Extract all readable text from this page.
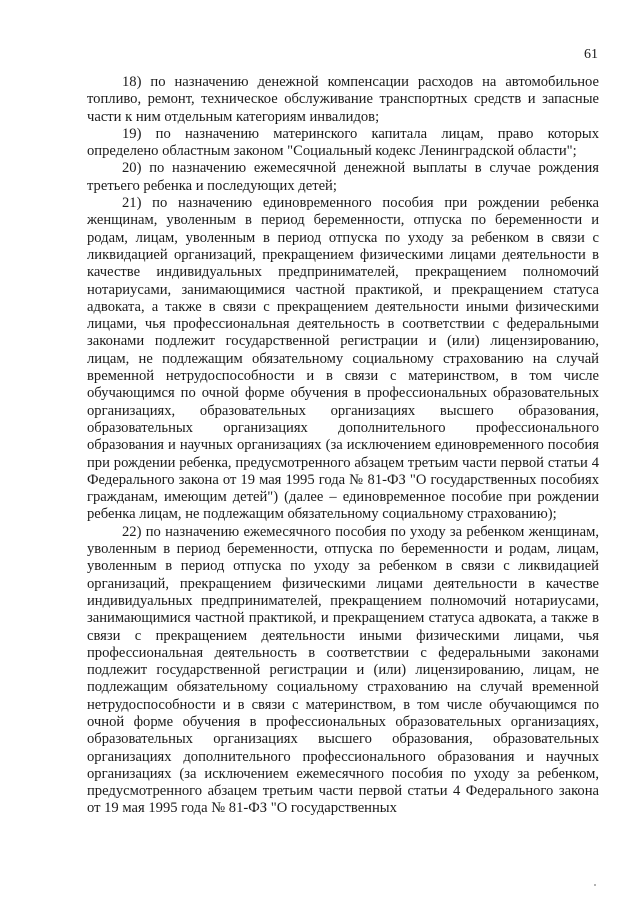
61

18) по назначению денежной компенсации расходов на автомобильное топливо, ремонт, техническое обслуживание транспортных средств и запасные части к ним отдельным категориям инвалидов;

19) по назначению материнского капитала лицам, право которых определено областным законом "Социальный кодекс Ленинградской области";

20) по назначению ежемесячной денежной выплаты в случае рождения третьего ребенка и последующих детей;

21) по назначению единовременного пособия при рождении ребенка женщинам, уволенным в период беременности, отпуска по беременности и родам, лицам, уволенным в период отпуска по уходу за ребенком в связи с ликвидацией организаций, прекращением физическими лицами деятельности в качестве индивидуальных предпринимателей, прекращением полномочий нотариусами, занимающимися частной практикой, и прекращением статуса адвоката, а также в связи с прекращением деятельности иными физическими лицами, чья профессиональная деятельность в соответствии с федеральными законами подлежит государственной регистрации и (или) лицензированию, лицам, не подлежащим обязательному социальному страхованию на случай временной нетрудоспособности и в связи с материнством, в том числе обучающимся по очной форме обучения в профессиональных образовательных организациях, образовательных организациях высшего образования, образовательных организациях дополнительного профессионального образования и научных организациях (за исключением единовременного пособия при рождении ребенка, предусмотренного абзацем третьим части первой статьи 4 Федерального закона от 19 мая 1995 года № 81-ФЗ "О государственных пособиях гражданам, имеющим детей") (далее – единовременное пособие при рождении ребенка лицам, не подлежащим обязательному социальному страхованию);

22) по назначению ежемесячного пособия по уходу за ребенком женщинам, уволенным в период беременности, отпуска по беременности и родам, лицам, уволенным в период отпуска по уходу за ребенком в связи с ликвидацией организаций, прекращением физическими лицами деятельности в качестве индивидуальных предпринимателей, прекращением полномочий нотариусами, занимающимися частной практикой, и прекращением статуса адвоката, а также в связи с прекращением деятельности иными физическими лицами, чья профессиональная деятельность в соответствии с федеральными законами подлежит государственной регистрации и (или) лицензированию, лицам, не подлежащим обязательному социальному страхованию на случай временной нетрудоспособности и в связи с материнством, в том числе обучающимся по очной форме обучения в профессиональных образовательных организациях, образовательных организациях высшего образования, образовательных организациях дополнительного профессионального образования и научных организациях (за исключением ежемесячного пособия по уходу за ребенком, предусмотренного абзацем третьим части первой статьи 4 Федерального закона от 19 мая 1995 года № 81-ФЗ "О государственных
